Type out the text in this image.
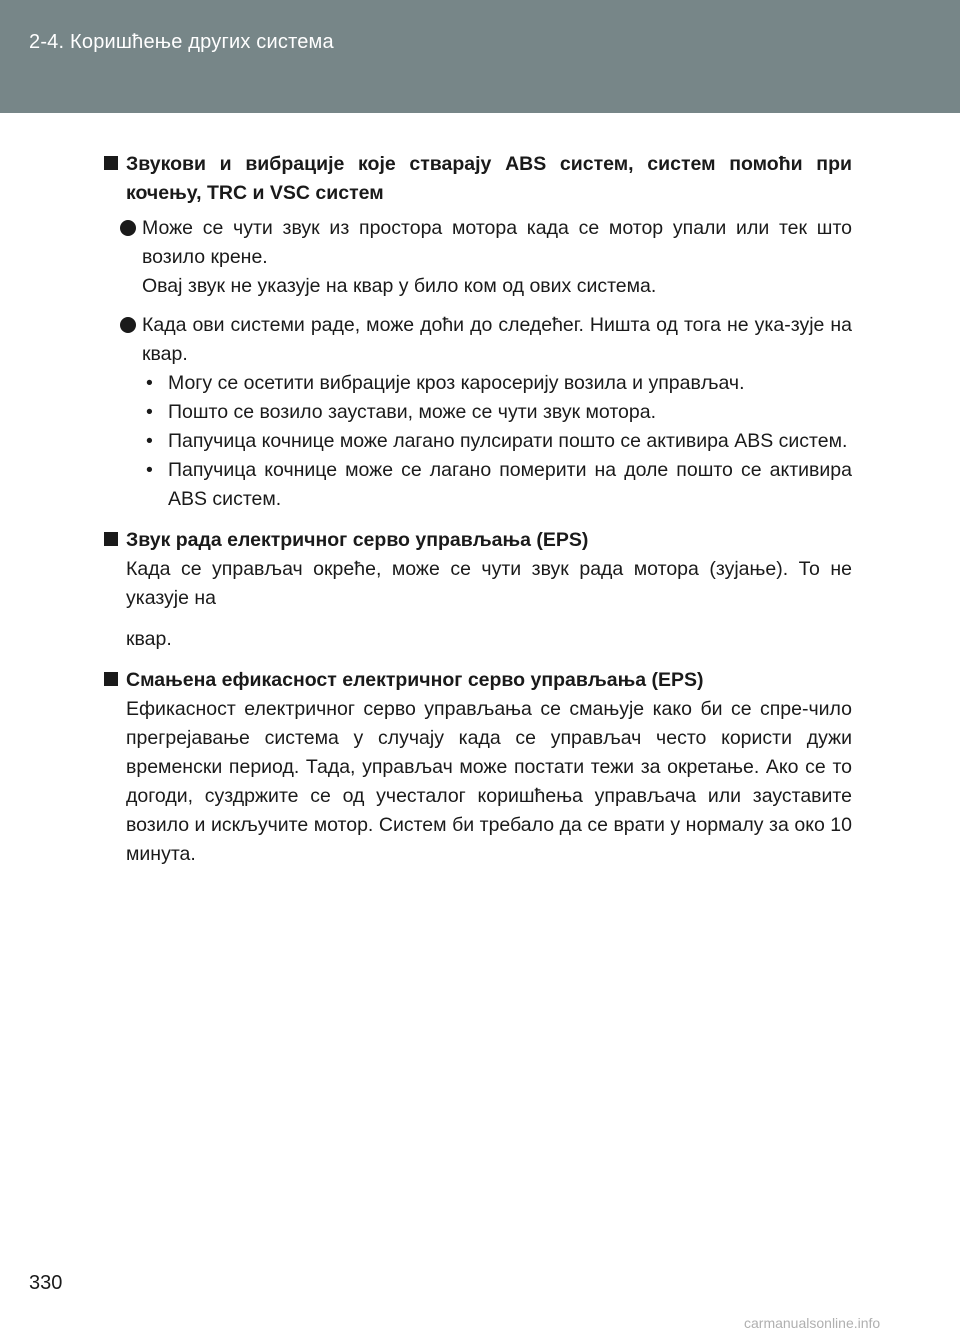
2-4. Коришћење других система
Звукови и вибрације које стварају ABS систем, систем помоћи при
кочењу, TRC и VSC систем
Може се чути звук из простора мотора када се мотор упали или тек што возило крене.
Овај звук не указује на квар у било ком од ових система.
Када ови системи раде, може доћи до следећег. Ништа од тога не ука-зује на квар.
• Могу се осетити вибрације кроз каросерију возила и управљач.
• Пошто се возило заустави, може се чути звук мотора.
• Папучица кочнице може лагано пулсирати пошто се активира ABS систем.
• Папучица кочнице може се лагано померити на доле пошто се активира ABS систем.
Звук рада електричног серво управљања (EPS)
Када се управљач окреће, може се чути звук рада мотора (зујање). То не указује на
квар.
Смањена ефикасност електричног серво управљања (EPS)
Ефикасност електричног серво управљања се смањује како би се спре-чило прегрејавање система у случају када се управљач често користи дужи временски период. Тада, управљач може постати тежи за окретање. Ако се то догоди, суздржите се од учесталог коришћења управљача или зауставите возило и искључите мотор. Систем би требало да се врати у нормалу за око 10 минута.
330
carmanualsonline.info
